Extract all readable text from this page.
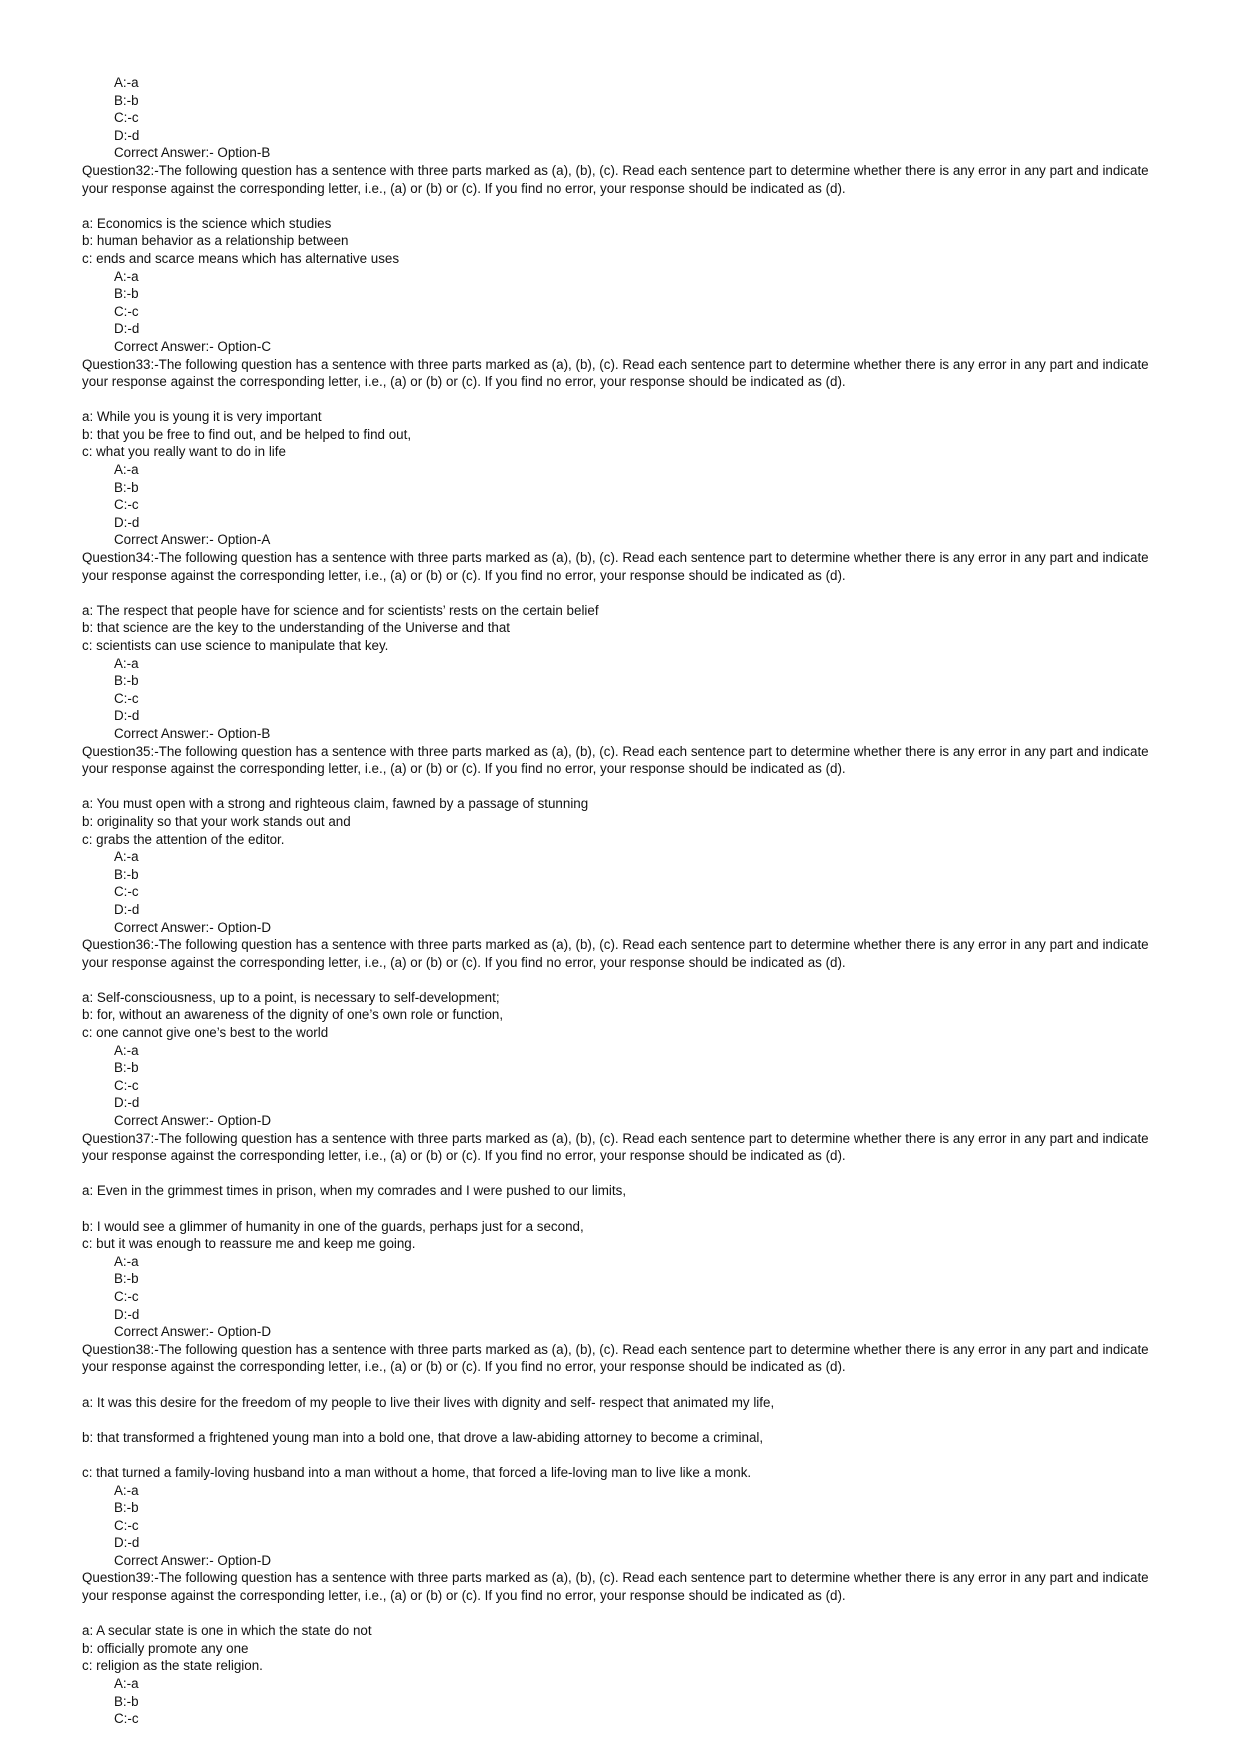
A:-a
B:-b
C:-c
D:-d
Correct Answer:- Option-B
Question32:-The following question has a sentence with three parts marked as (a), (b), (c). Read each sentence part to determine whether there is any error in any part and indicate your response against the corresponding letter, i.e., (a) or (b) or (c). If you find no error, your response should be indicated as (d).
a: Economics is the science which studies
b: human behavior as a relationship between
c: ends and scarce means which has alternative uses
A:-a
B:-b
C:-c
D:-d
Correct Answer:- Option-C
Question33:-The following question has a sentence with three parts marked as (a), (b), (c). Read each sentence part to determine whether there is any error in any part and indicate your response against the corresponding letter, i.e., (a) or (b) or (c). If you find no error, your response should be indicated as (d).
a: While you is young it is very important
b: that you be free to find out, and be helped to find out,
c: what you really want to do in life
A:-a
B:-b
C:-c
D:-d
Correct Answer:- Option-A
Question34:-The following question has a sentence with three parts marked as (a), (b), (c). Read each sentence part to determine whether there is any error in any part and indicate your response against the corresponding letter, i.e., (a) or (b) or (c). If you find no error, your response should be indicated as (d).
a: The respect that people have for science and for scientists’ rests on the certain belief
b: that science are the key to the understanding of the Universe and that
c: scientists can use science to manipulate that key.
A:-a
B:-b
C:-c
D:-d
Correct Answer:- Option-B
Question35:-The following question has a sentence with three parts marked as (a), (b), (c). Read each sentence part to determine whether there is any error in any part and indicate your response against the corresponding letter, i.e., (a) or (b) or (c). If you find no error, your response should be indicated as (d).
a: You must open with a strong and righteous claim, fawned by a passage of stunning
b: originality so that your work stands out and
c: grabs the attention of the editor.
A:-a
B:-b
C:-c
D:-d
Correct Answer:- Option-D
Question36:-The following question has a sentence with three parts marked as (a), (b), (c). Read each sentence part to determine whether there is any error in any part and indicate your response against the corresponding letter, i.e., (a) or (b) or (c). If you find no error, your response should be indicated as (d).
a: Self-consciousness, up to a point, is necessary to self-development;
b: for, without an awareness of the dignity of one’s own role or function,
c: one cannot give one’s best to the world
A:-a
B:-b
C:-c
D:-d
Correct Answer:- Option-D
Question37:-The following question has a sentence with three parts marked as (a), (b), (c). Read each sentence part to determine whether there is any error in any part and indicate your response against the corresponding letter, i.e., (a) or (b) or (c). If you find no error, your response should be indicated as (d).
a: Even in the grimmest times in prison, when my comrades and I were pushed to our limits,
b: I would see a glimmer of humanity in one of the guards, perhaps just for a second,
c: but it was enough to reassure me and keep me going.
A:-a
B:-b
C:-c
D:-d
Correct Answer:- Option-D
Question38:-The following question has a sentence with three parts marked as (a), (b), (c). Read each sentence part to determine whether there is any error in any part and indicate your response against the corresponding letter, i.e., (a) or (b) or (c). If you find no error, your response should be indicated as (d).
a: It was this desire for the freedom of my people to live their lives with dignity and self- respect that animated my life,
b: that transformed a frightened young man into a bold one, that drove a law-abiding attorney to become a criminal,
c: that turned a family-loving husband into a man without a home, that forced a life-loving man to live like a monk.
A:-a
B:-b
C:-c
D:-d
Correct Answer:- Option-D
Question39:-The following question has a sentence with three parts marked as (a), (b), (c). Read each sentence part to determine whether there is any error in any part and indicate your response against the corresponding letter, i.e., (a) or (b) or (c). If you find no error, your response should be indicated as (d).
a: A secular state is one in which the state do not
b: officially promote any one
c: religion as the state religion.
A:-a
B:-b
C:-c
